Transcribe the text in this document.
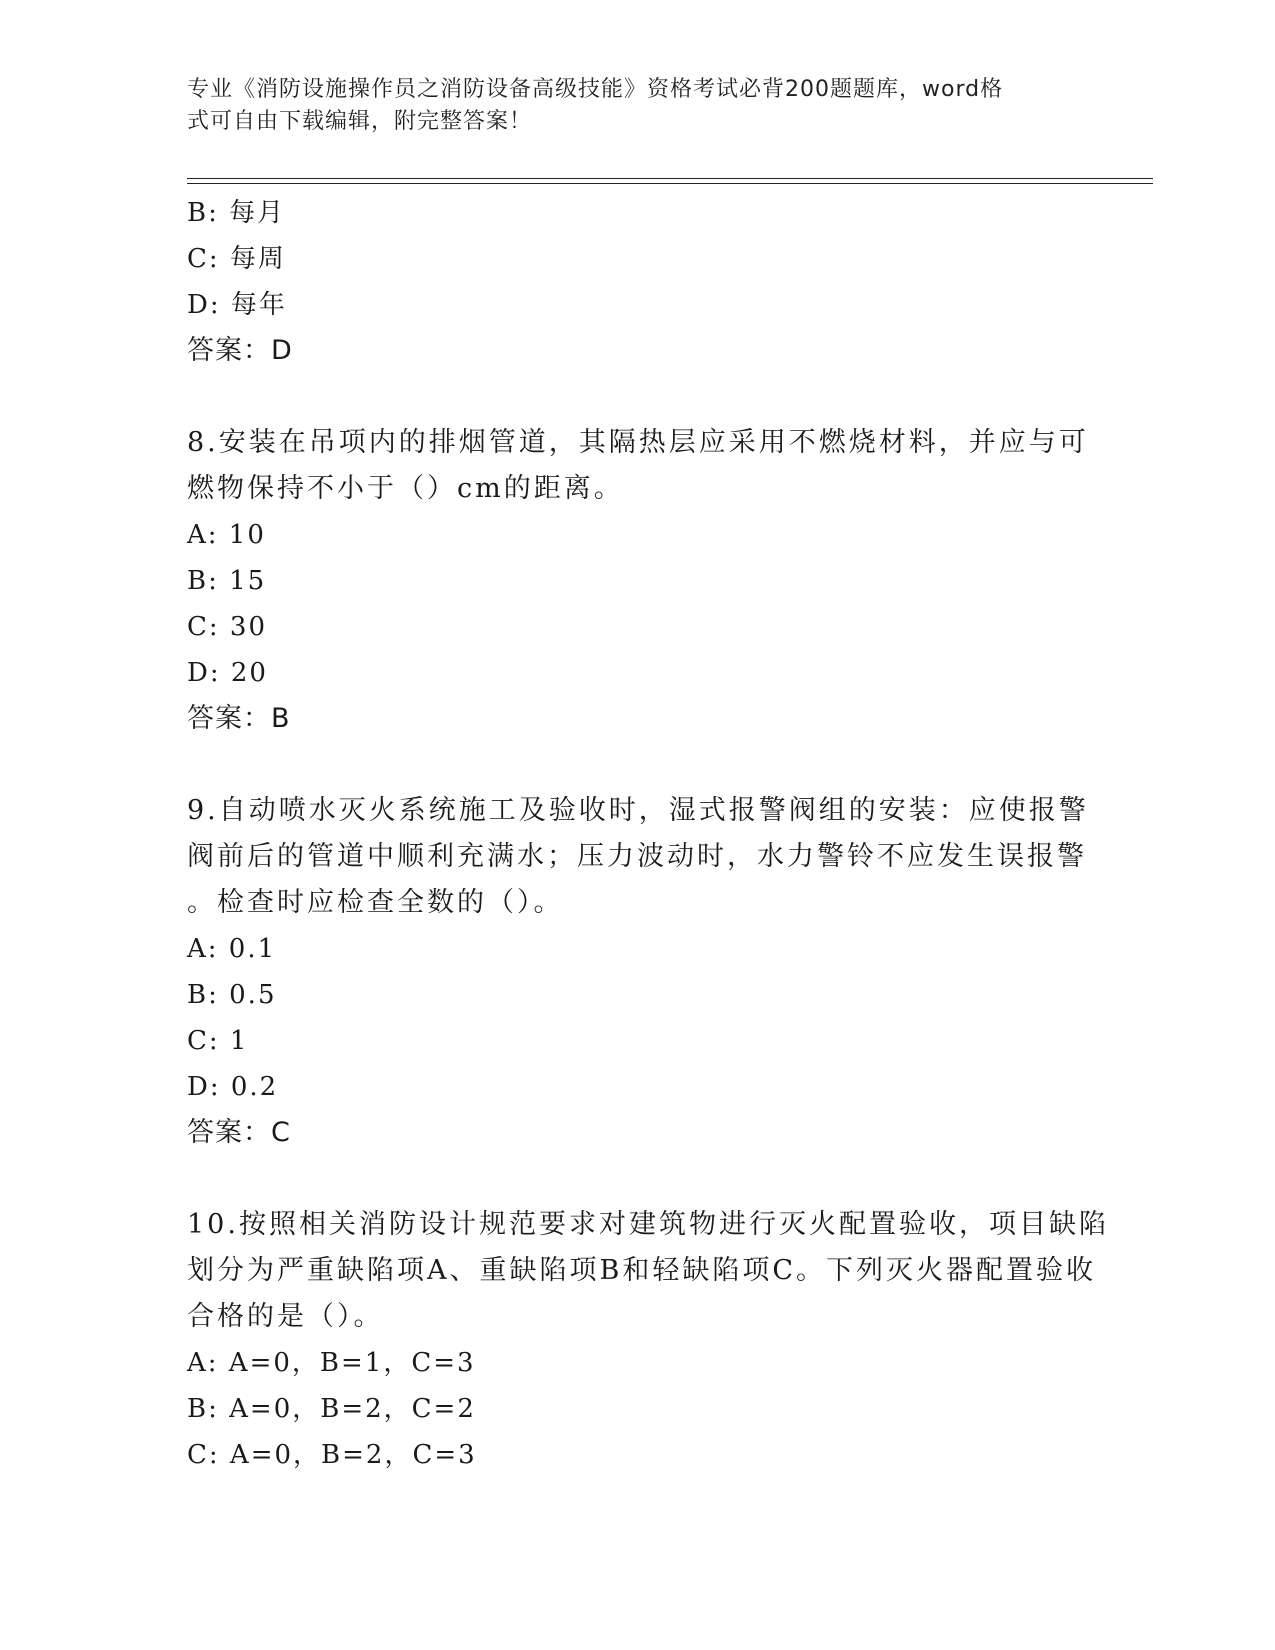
专业《消防设施操作员之消防设备高级技能》资格考试必背200题题库，word格
式可自由下载编辑，附完整答案！
B: 每月
C: 每周
D: 每年
答案：D
8.安装在吊项内的排烟管道，其隔热层应采用不燃烧材料，并应与可
燃物保持不小于（）cm的距离。
A: 10
B: 15
C: 30
D: 20
答案：B
9.自动喷水灭火系统施工及验收时，湿式报警阀组的安装：应使报警
阀前后的管道中顺利充满水；压力波动时，水力警铃不应发生误报警
。检查时应检查全数的（）。
A: 0.1
B: 0.5
C: 1
D: 0.2
答案：C
10.按照相关消防设计规范要求对建筑物进行灭火配置验收，项目缺陷
划分为严重缺陷项A、重缺陷项B和轻缺陷项C。下列灭火器配置验收
合格的是（）。
A: A=0，B=1，C=3
B: A=0，B=2，C=2
C: A=0，B=2，C=3
